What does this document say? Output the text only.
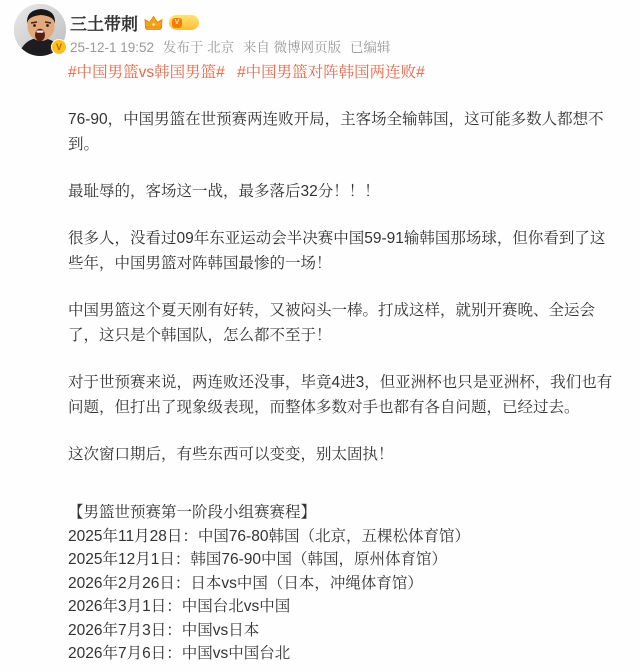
V
三土带刺	V
25-12-1 19:52 发布于 北京 来自 微博网页版 已编辑
#中国男篮vs韩国男篮# #中国男篮对阵韩国两连败#

76-90，中国男篮在世预赛两连败开局，主客场全输韩国，这可能多数人都想不到。

最耻辱的，客场这一战，最多落后32分！！！

很多人，没看过09年东亚运动会半决赛中国59-91输韩国那场球，但你看到了这些年，中国男篮对阵韩国最惨的一场！

中国男篮这个夏天刚有好转，又被闷头一棒。打成这样，就别开赛晚、全运会了，这只是个韩国队，怎么都不至于！

对于世预赛来说，两连败还没事，毕竟4进3，但亚洲杯也只是亚洲杯，我们也有问题，但打出了现象级表现，而整体多数对手也都有各自问题，已经过去。

这次窗口期后，有些东西可以变变，别太固执！

【男篮世预赛第一阶段小组赛赛程】
2025年11月28日：中国76-80韩国（北京，五棵松体育馆）
2025年12月1日：韩国76-90中国（韩国，原州体育馆）
2026年2月26日：日本vs中国（日本，冲绳体育馆）
2026年3月1日：中国台北vs中国
2026年7月3日：中国vs日本
2026年7月6日：中国vs中国台北
